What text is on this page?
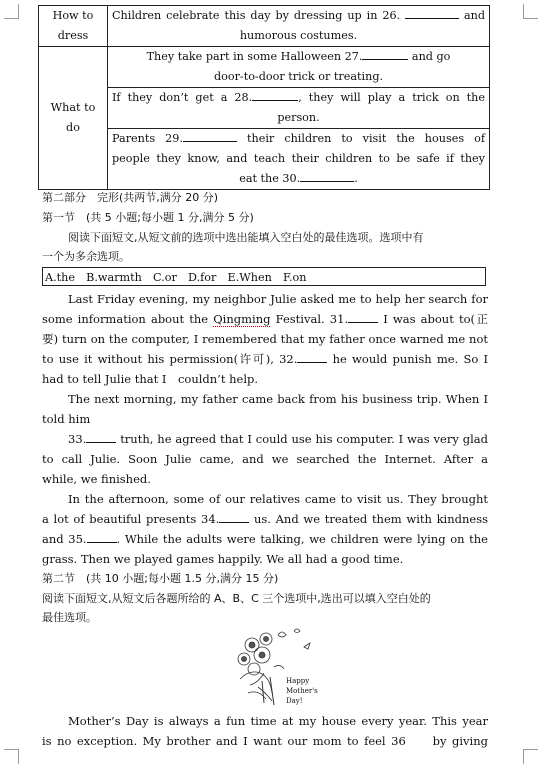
How to dress	Children celebrate this day by dressing up in 26. and
humorous costumes.

What to do	They take part in some Halloween 27. and go
door-to-door trick or treating.

	If they don’t get a 28. , they will play a trick on the
person.

	Parents 29. their children to visit the houses of
people they know, and teach their children to be safe if they
eat the 30. .
第二部分　完形(共两节,满分 20 分)
第一节　(共 5 小题;每小题 1 分,满分 5 分)
阅读下面短文,从短文前的选项中选出能填入空白处的最佳选项。选项中有
一个为多余选项。
A.the　B.warmth　C.or　D.for　E.When　F.on
Last Friday evening, my neighbor Julie asked me to help her search for
some information about the Qingming Festival. 31.	I was about to(正
要) turn on the computer, I remembered that my father once warned me not
to use it without his permission(许可), 32.	he would punish me. So I
had to tell Julie that I　couldn’t help.
The next morning, my father came back from his business trip. When I
told him
33.	truth, he agreed that I could use his computer. I was very glad
to call Julie. Soon Julie came, and we searched the Internet. After a
while, we finished.
In the afternoon, some of our relatives came to visit us. They brought
a lot of beautiful presents 34.	us. And we treated them with kindness
and 35.	. While the adults were talking, we children were lying on the
grass. Then we played games happily. We all had a good time.
第二节　(共 10 小题;每小题 1.5 分,满分 15 分)
阅读下面短文,从短文后各题所给的 A、B、C 三个选项中,选出可以填入空白处的
最佳选项。
Happy
Mother's
Day!
Mother’s Day is always a fun time at my house every year. This year
is no exception. My brother and I want our mom to feel 36 by giving
